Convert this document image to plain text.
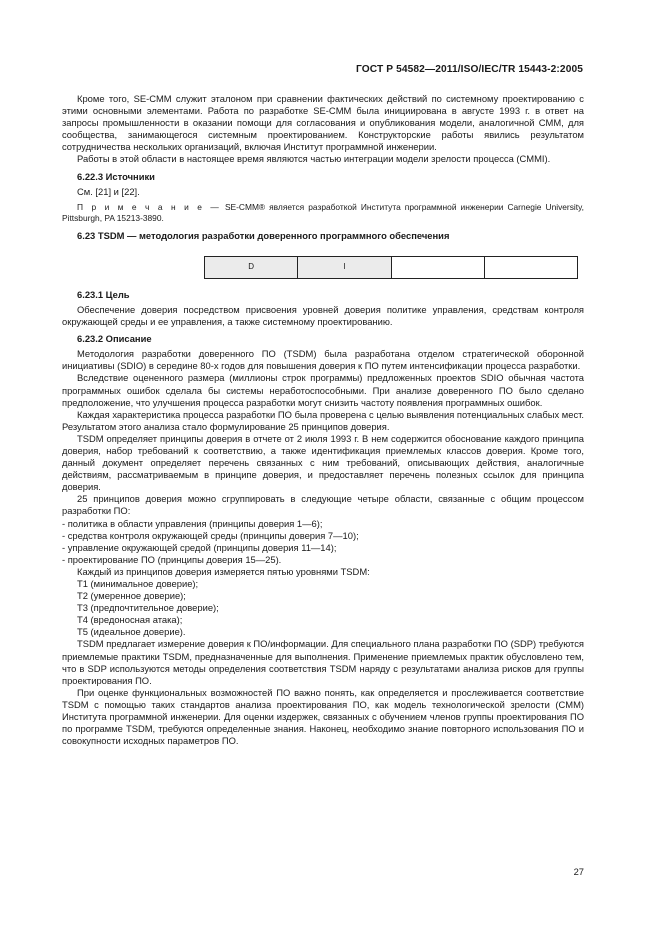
ГОСТ Р 54582—2011/ISO/IEC/TR 15443-2:2005

Кроме того, SE-CMM служит эталоном при сравнении фактических действий по системному проектированию с этими основными элементами. Работа по разработке SE-CMM была инициирована в августе 1993 г. в ответ на запросы промышленности в оказании помощи для согласования и опубликования модели, аналогичной CMM, для сообщества, занимающегося системным проектированием. Конструкторские работы явились результатом сотрудничества нескольких организаций, включая Институт программной инженерии.

Работы в этой области в настоящее время являются частью интеграции модели зрелости процесса (CMMI).

6.22.3 Источники
См. [21] и [22].
П р и м е ч а н и е — SE-CMM® является разработкой Института программной инженерии Carnegie University, Pittsburgh, PA 15213-3890.
6.23 TSDM — методология разработки доверенного программного обеспечения
D	I		
6.23.1 Цель

Обеспечение доверия посредством присвоения уровней доверия политике управления, средствам контроля окружающей среды и ее управления, а также системному проектированию.

6.23.2 Описание

Методология разработки доверенного ПО (TSDM) была разработана отделом стратегической оборонной инициативы (SDIO) в середине 80-х годов для повышения доверия к ПО путем интенсификации процесса разработки.

Вследствие оцененного размера (миллионы строк программы) предложенных проектов SDIO обычная частота программных ошибок сделала бы системы неработоспособными. При анализе доверенного ПО было сделано предположение, что улучшения процесса разработки могут снизить частоту появления программных ошибок.

Каждая характеристика процесса разработки ПО была проверена с целью выявления потенциальных слабых мест. Результатом этого анализа стало формулирование 25 принципов доверия.

TSDM определяет принципы доверия в отчете от 2 июля 1993 г. В нем содержится обоснование каждого принципа доверия, набор требований к соответствию, а также идентификация приемлемых классов доверия. Кроме того, данный документ определяет перечень связанных с ним требований, описывающих действия, аналогичные действиям, рассматриваемым в принципе доверия, и предоставляет перечень полезных ссылок для принципа доверия.

25 принципов доверия можно сгруппировать в следующие четыре области, связанные с общим процессом разработки ПО:

- политика в области управления (принципы доверия 1—6);
- средства контроля окружающей среды (принципы доверия 7—10);
- управление окружающей средой (принципы доверия 11—14);
- проектирование ПО (принципы доверия 15—25).

Каждый из принципов доверия измеряется пятью уровнями TSDM:

T1 (минимальное доверие);
T2 (умеренное доверие);
T3 (предпочтительное доверие);
T4 (вредоносная атака);
T5 (идеальное доверие).

TSDM предлагает измерение доверия к ПО/информации. Для специального плана разработки ПО (SDP) требуются приемлемые практики TSDM, предназначенные для выполнения. Применение приемлемых практик обусловлено тем, что в SDP используются методы определения соответствия TSDM наряду с результатами анализа рисков для группы проектирования ПО.

При оценке функциональных возможностей ПО важно понять, как определяется и прослеживается соответствие TSDM с помощью таких стандартов анализа проектирования ПО, как модель технологической зрелости (CMM) Института программной инженерии. Для оценки издержек, связанных с обучением членов группы проектирования ПО по программе TSDM, требуются определенные знания. Наконец, необходимо знание повторного использования ПО и совокупности исходных параметров ПО.

27
